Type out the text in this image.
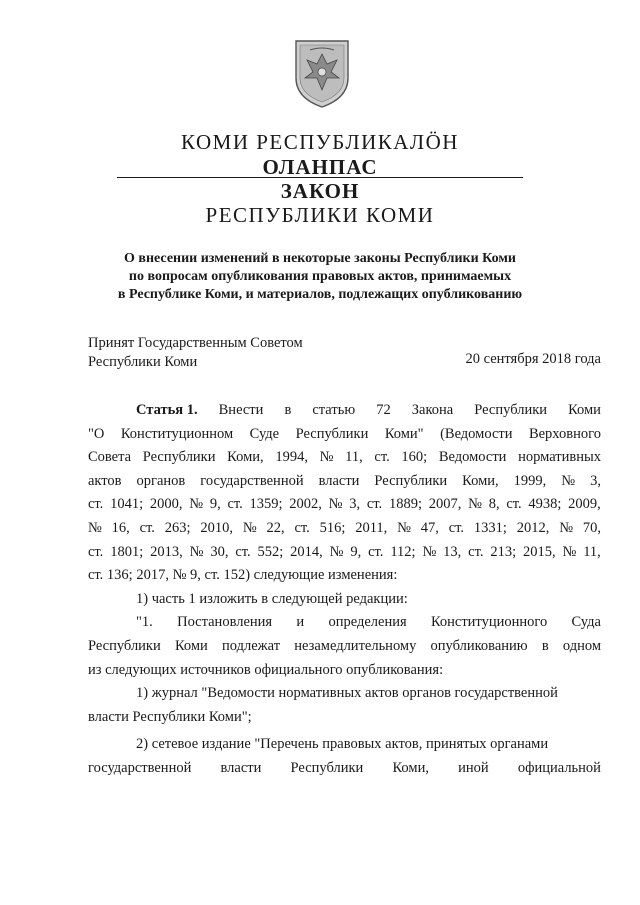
КОМИ РЕСПУБЛИКАЛӦН
ОЛАНПАС
ЗАКОН
РЕСПУБЛИКИ КОМИ
О внесении изменений в некоторые законы Республики Коми
по вопросам опубликования правовых актов, принимаемых
в Республике Коми, и материалов, подлежащих опубликованию
Принят Государственным Советом
Республики Коми	20 сентября 2018 года
Статья 1. Внести в статью 72 Закона Республики Коми
"О Конституционном Суде Республики Коми" (Ведомости Верховного
Совета Республики Коми, 1994, № 11, ст. 160; Ведомости нормативных
актов органов государственной власти Республики Коми, 1999, № 3,
ст. 1041; 2000, № 9, ст. 1359; 2002, № 3, ст. 1889; 2007, № 8, ст. 4938; 2009,
№ 16, ст. 263; 2010, № 22, ст. 516; 2011, № 47, ст. 1331; 2012, № 70,
ст. 1801; 2013, № 30, ст. 552; 2014, № 9, ст. 112; № 13, ст. 213; 2015, № 11,
ст. 136; 2017, № 9, ст. 152) следующие изменения:
1) часть 1 изложить в следующей редакции:
"1. Постановления и определения Конституционного Суда
Республики Коми подлежат незамедлительному опубликованию в одном
из следующих источников официального опубликования:
1) журнал "Ведомости нормативных актов органов государственной
власти Республики Коми";
2) сетевое издание "Перечень правовых актов, принятых органами
государственной власти Республики Коми, иной официальной
